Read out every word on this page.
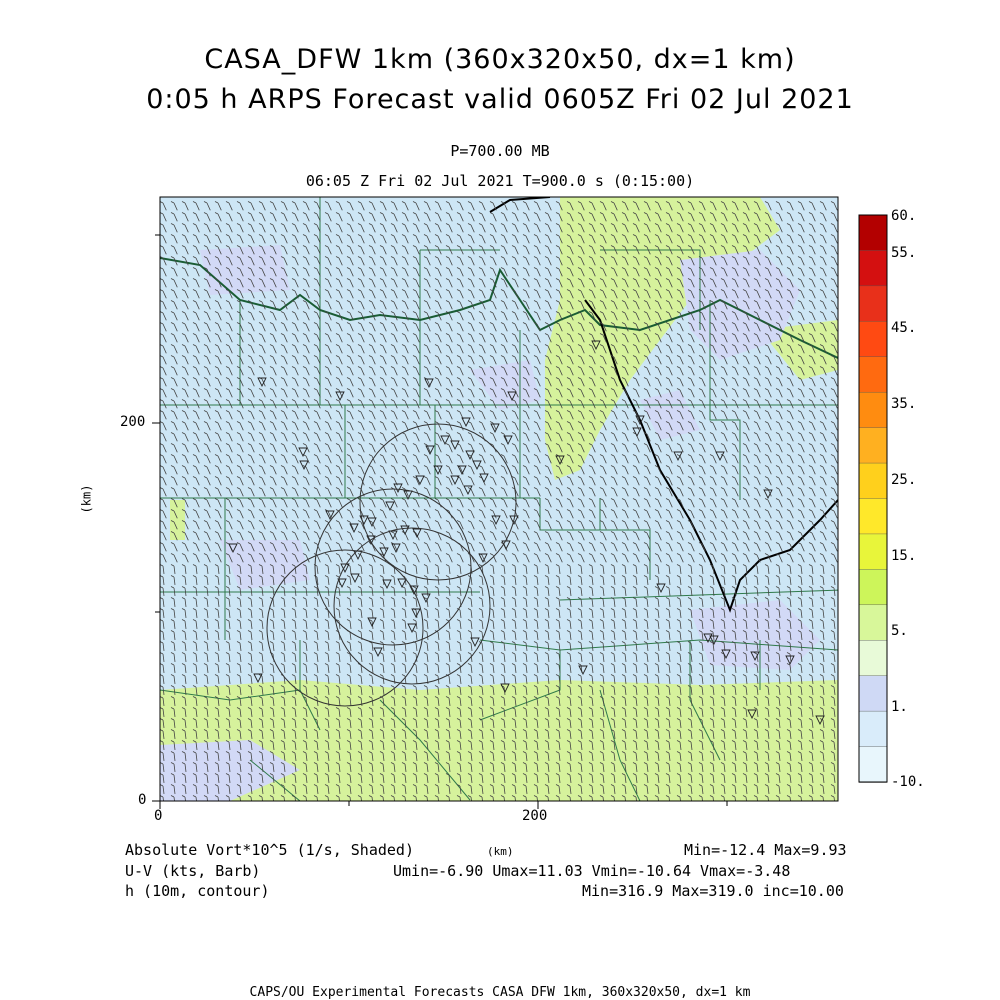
CASA_DFW 1km (360x320x50, dx=1 km)
0:05 h ARPS Forecast valid 0605Z Fri 02 Jul 2021
P=700.00 MB
06:05 Z Fri 02 Jul 2021 T=900.0 s (0:15:00)
200
0
0	200
(km)
(km)
60.
55.
45.
35.
25.
15.
5.
1.
-10.
Absolute Vort*10^5 (1/s, Shaded)	Min=-12.4 Max=9.93
U-V (kts, Barb)	Umin=-6.90 Umax=11.03 Vmin=-10.64 Vmax=-3.48
h (10m, contour)	Min=316.9 Max=319.0 inc=10.00
CAPS/OU Experimental Forecasts CASA DFW 1km, 360x320x50, dx=1 km
